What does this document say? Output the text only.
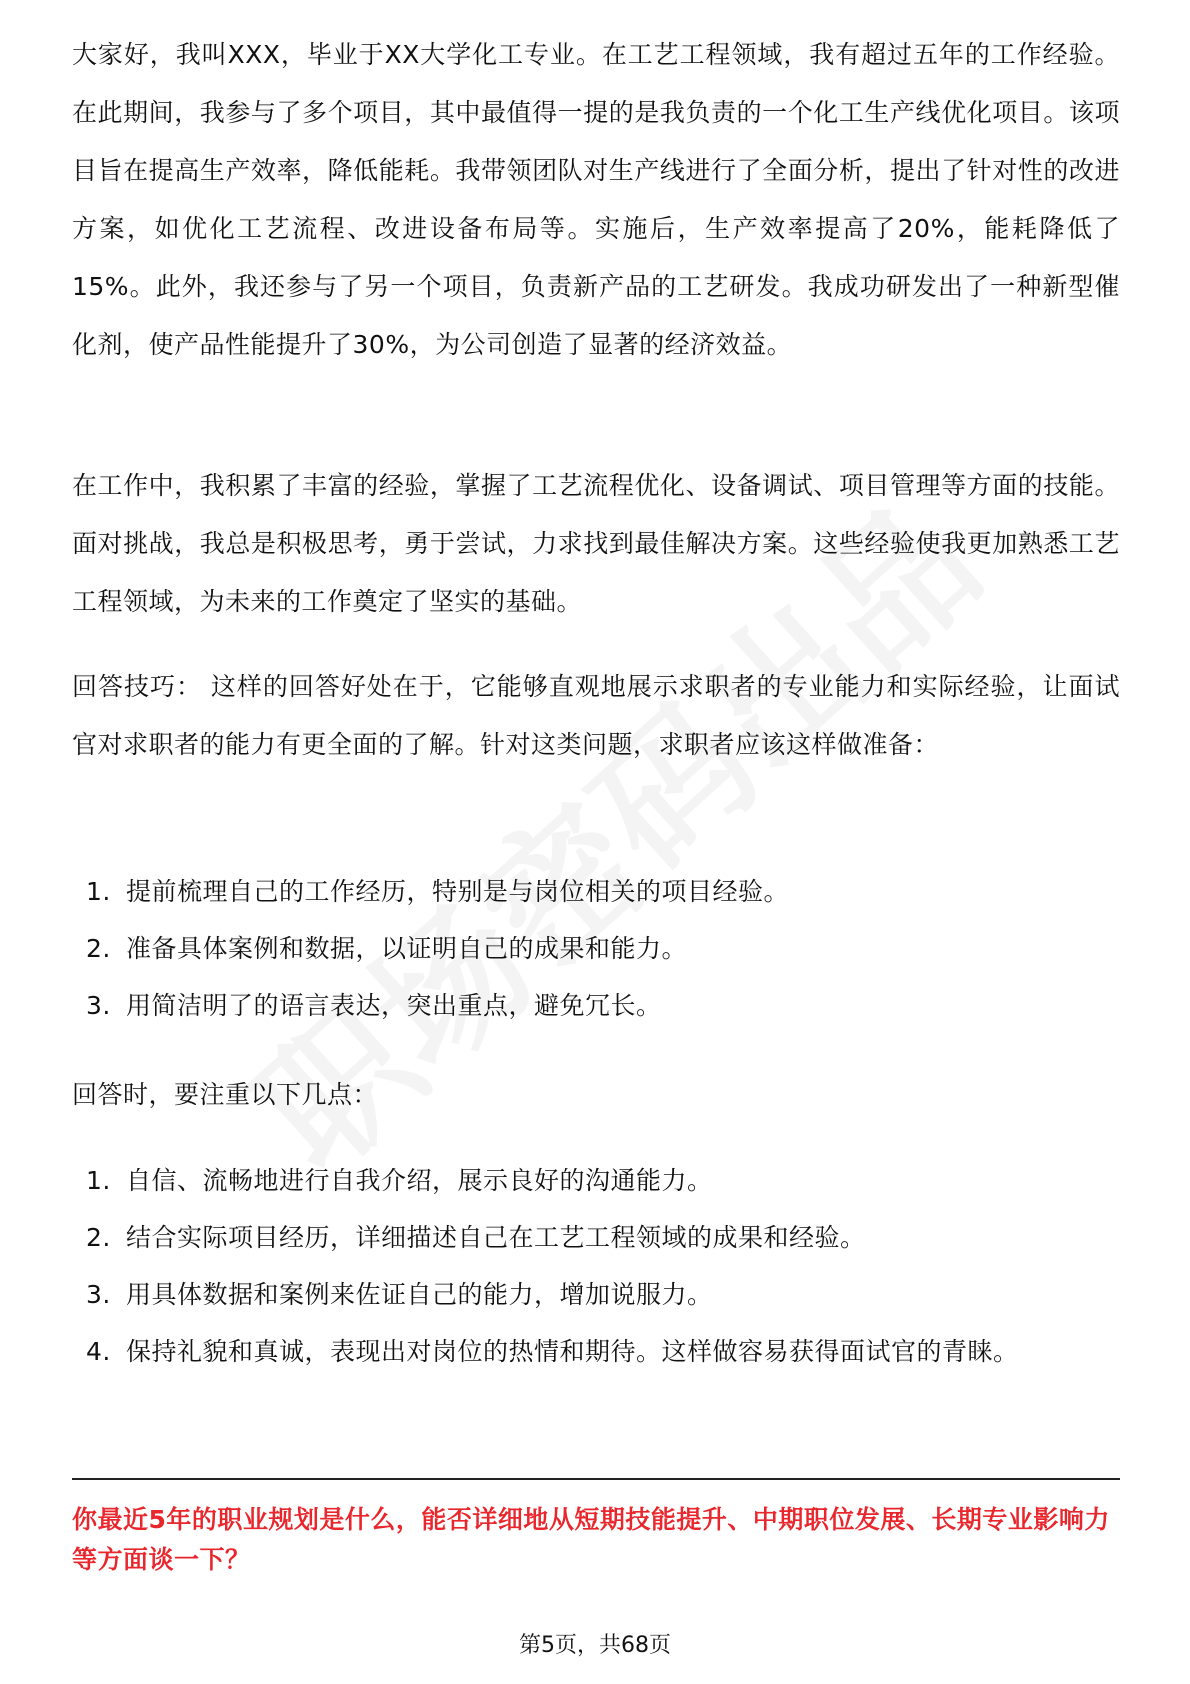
大家好，我叫XXX，毕业于XX大学化工专业。在工艺工程领域，我有超过五年的工作经验。在此期间，我参与了多个项目，其中最值得一提的是我负责的一个化工生产线优化项目。该项目旨在提高生产效率，降低能耗。我带领团队对生产线进行了全面分析，提出了针对性的改进方案，如优化工艺流程、改进设备布局等。实施后，生产效率提高了20%，能耗降低了15%。此外，我还参与了另一个项目，负责新产品的工艺研发。我成功研发出了一种新型催化剂，使产品性能提升了30%，为公司创造了显著的经济效益。

在工作中，我积累了丰富的经验，掌握了工艺流程优化、设备调试、项目管理等方面的技能。面对挑战，我总是积极思考，勇于尝试，力求找到最佳解决方案。这些经验使我更加熟悉工艺工程领域，为未来的工作奠定了坚实的基础。

回答技巧： 这样的回答好处在于，它能够直观地展示求职者的专业能力和实际经验，让面试官对求职者的能力有更全面的了解。针对这类问题，求职者应该这样做准备：

1. 提前梳理自己的工作经历，特别是与岗位相关的项目经验。
2. 准备具体案例和数据，以证明自己的成果和能力。
3. 用简洁明了的语言表达，突出重点，避免冗长。

回答时，要注重以下几点：

1. 自信、流畅地进行自我介绍，展示良好的沟通能力。
2. 结合实际项目经历，详细描述自己在工艺工程领域的成果和经验。
3. 用具体数据和案例来佐证自己的能力，增加说服力。
4. 保持礼貌和真诚，表现出对岗位的热情和期待。这样做容易获得面试官的青睐。

你最近5年的职业规划是什么，能否详细地从短期技能提升、中期职位发展、长期专业影响力等方面谈一下？

第5页，共68页
